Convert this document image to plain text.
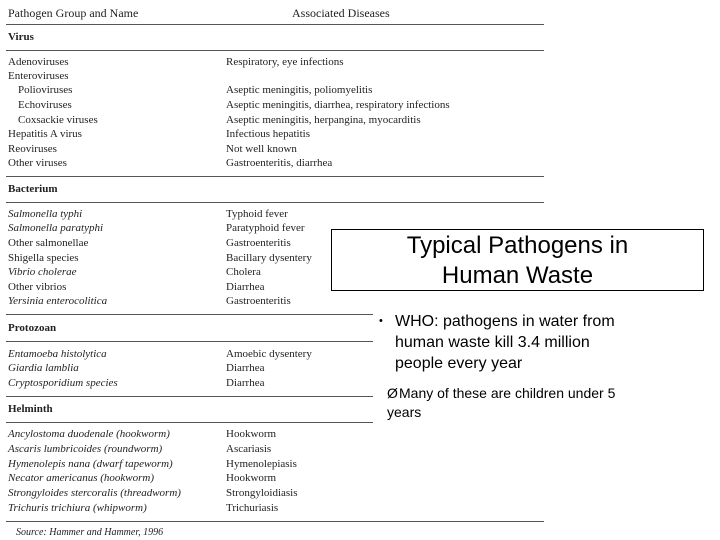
Pathogen Group and Name	Associated Diseases
Virus
Adenoviruses	Respiratory, eye infections
Enteroviruses
Polioviruses	Aseptic meningitis, poliomyelitis
Echoviruses	Aseptic meningitis, diarrhea, respiratory infections
Coxsackie viruses	Aseptic meningitis, herpangina, myocarditis
Hepatitis A virus	Infectious hepatitis
Reoviruses	Not well known
Other viruses	Gastroenteritis, diarrhea
Bacterium
Salmonella typhi	Typhoid fever
Salmonella paratyphi	Paratyphoid fever
Other salmonellae	Gastroenteritis
Shigella species	Bacillary dysentery
Vibrio cholerae	Cholera
Other vibrios	Diarrhea
Yersinia enterocolitica	Gastroenteritis
Protozoan
Entamoeba histolytica	Amoebic dysentery
Giardia lamblia	Diarrhea
Cryptosporidium species	Diarrhea
Helminth
Ancylostoma duodenale (hookworm)	Hookworm
Ascaris lumbricoides (roundworm)	Ascariasis
Hymenolepis nana (dwarf tapeworm)	Hymenolepiasis
Necator americanus (hookworm)	Hookworm
Strongyloides stercoralis (threadworm)	Strongyloidiasis
Trichuris trichiura (whipworm)	Trichuriasis
Source: Hammer and Hammer, 1996
Typical Pathogens in
Human Waste
• WHO: pathogens in water from
human waste kill 3.4 million
people every year
Ø Many of these are children under 5
years
